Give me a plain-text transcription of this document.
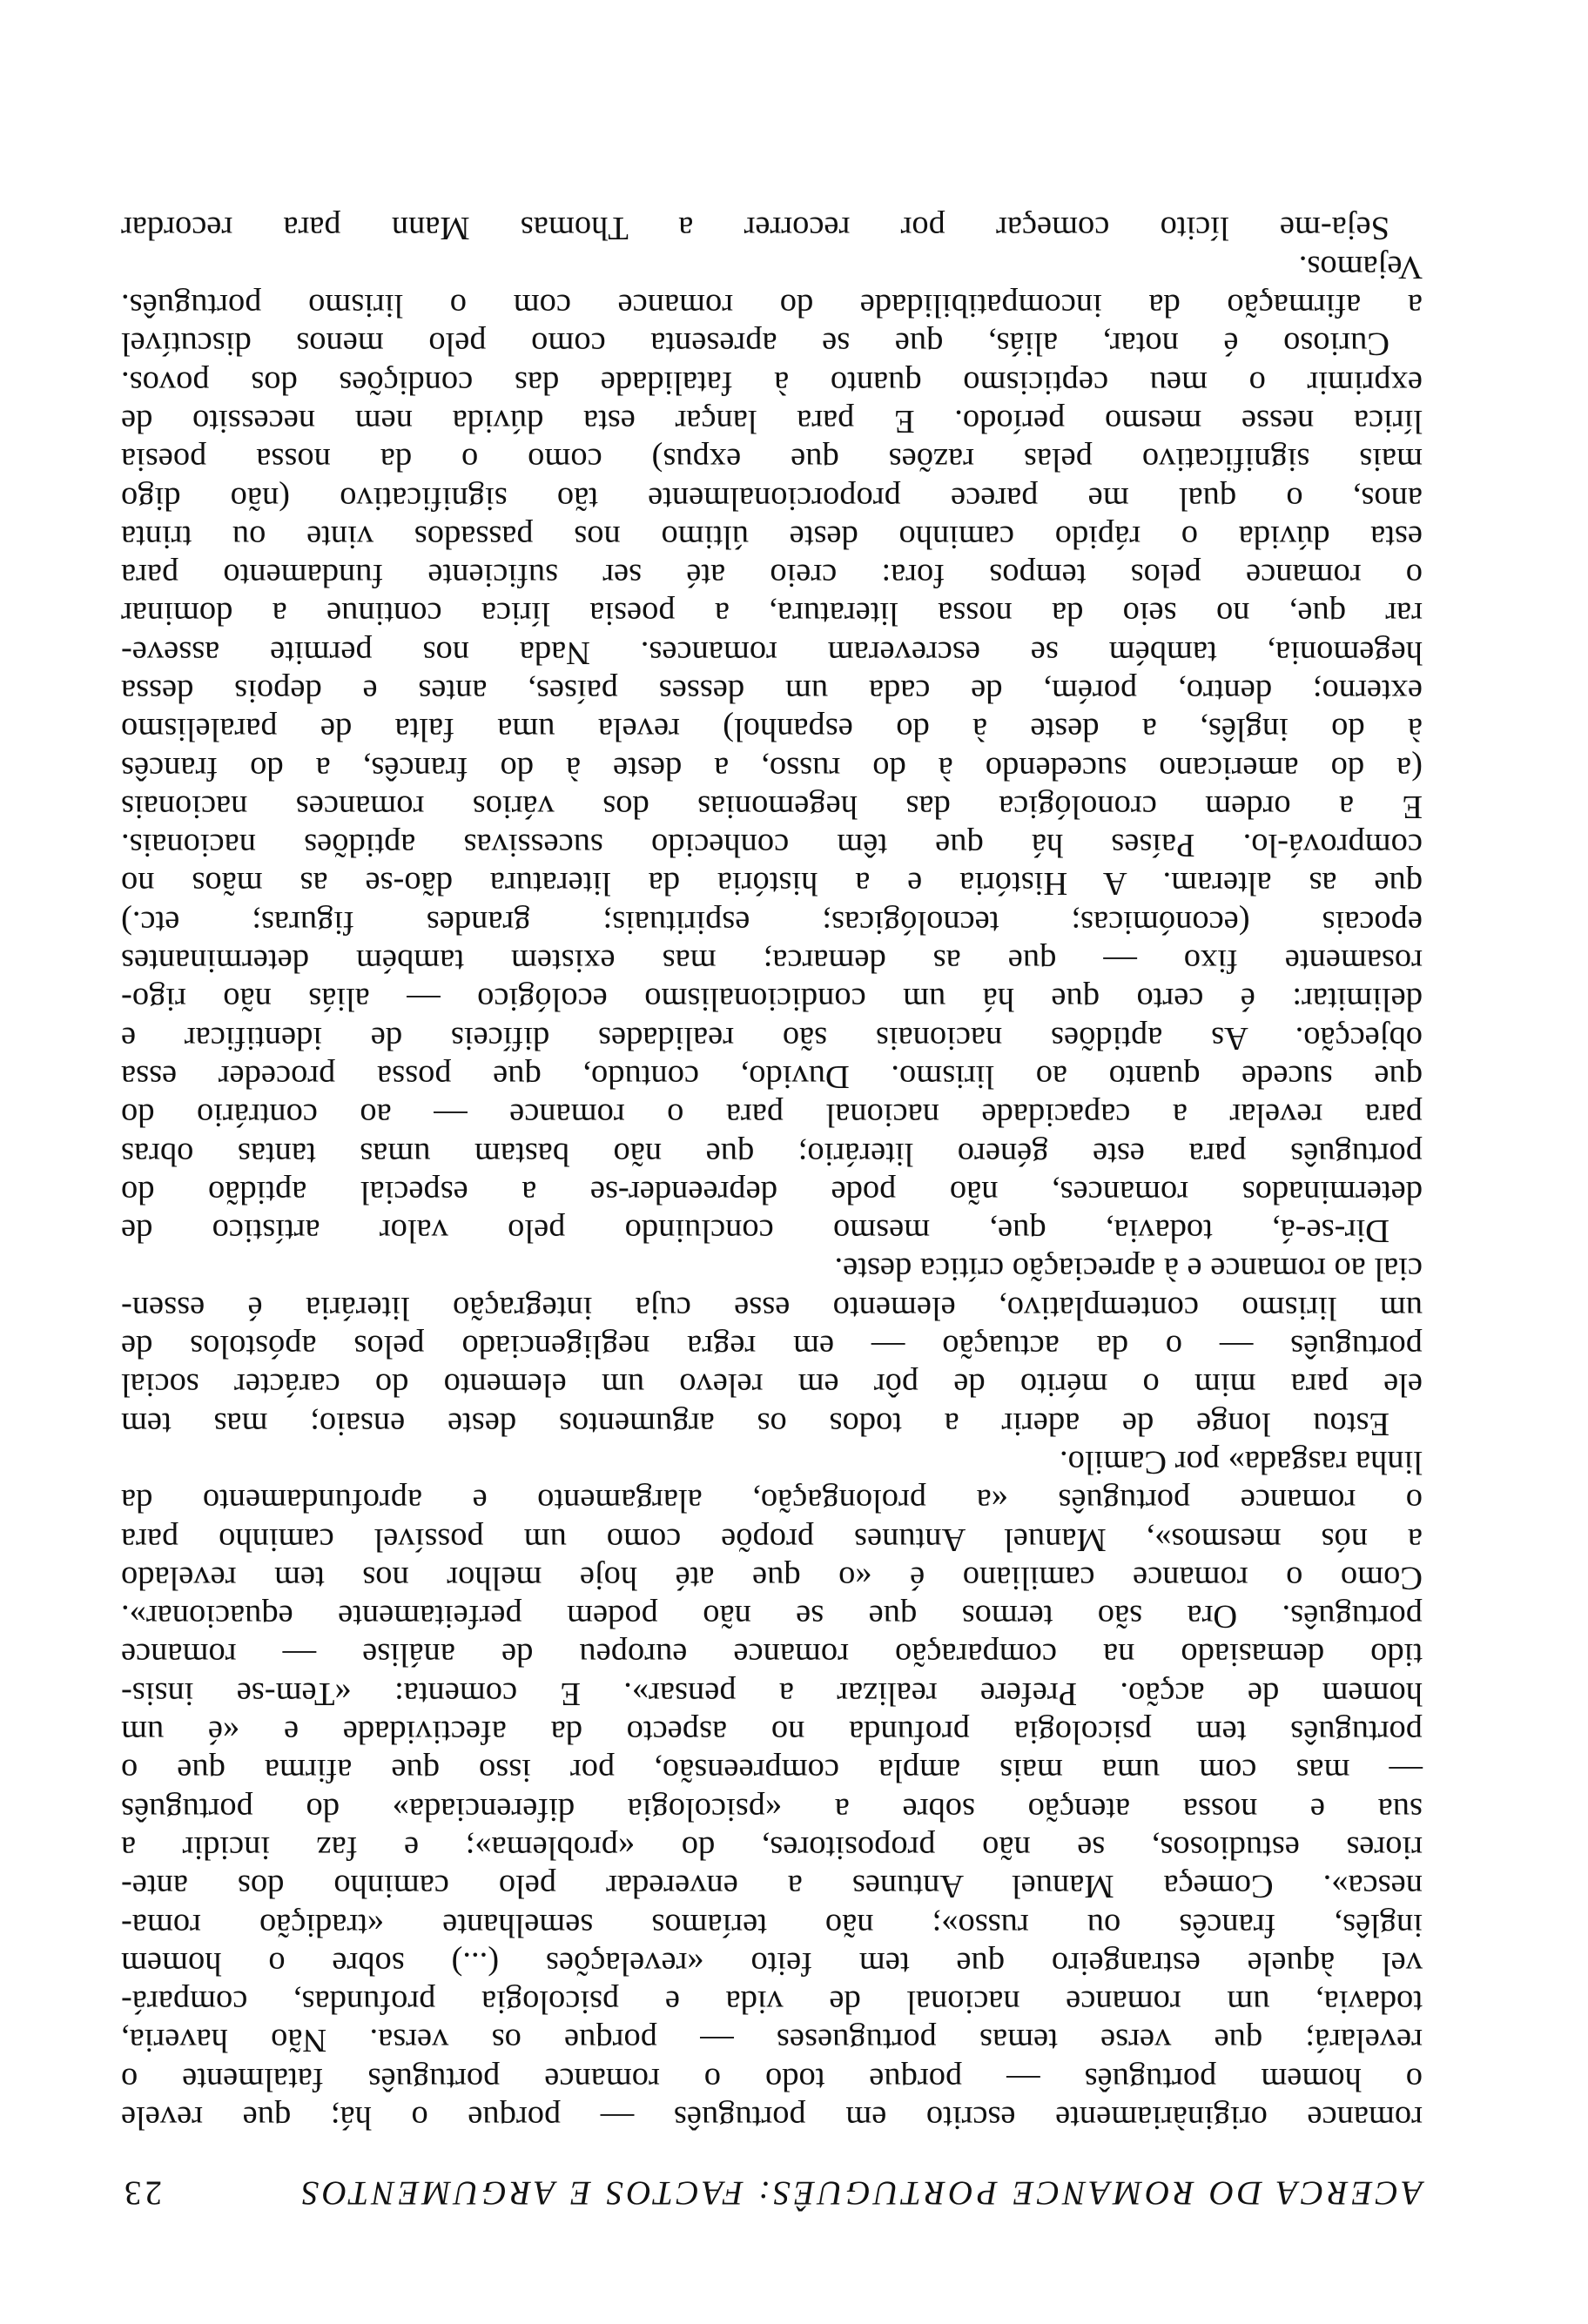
ACERCA DO ROMANCE PORTUGUÊS: FACTOS E ARGUMENTOS
23
romance originàriamente escrito em português — porque o há; que revele
o homem português — porque todo o romance português fatalmente o
revelará; que verse temas portugueses — porque os versa. Não haveria,
todavia, um romance nacional de vida e psicologia profundas, compará-
vel àquele estrangeiro que tem feito «revelações (...) sobre o homem
inglês, francês ou russo»; não teríamos semelhante «tradição roma-
nesca». Começa Manuel Antunes a enveredar pelo caminho dos ante-
riores estudiosos, se não propositores, do «problema»; e faz incidir a
sua e nossa atenção sobre a «psicologia diferenciada» do português
— mas com uma mais ampla compreensão, por isso que afirma que o
português tem psicologia profunda no aspecto da afectividade e «é um
homem de acção. Prefere realizar a pensar». E comenta: «Tem-se insis-
tido demasiado na comparação romance europeu de análise — romance
português. Ora são termos que se não podem perfeitamente equacionar».
Como o romance camiliano é «o que até hoje melhor nos tem revelado
a nós mesmos», Manuel Antunes propõe como um possível caminho para
o romance português «a prolongação, alargamento e aprofundamento da
linha rasgada» por Camilo.
Estou longe de aderir a todos os argumentos deste ensaio; mas tem
ele para mim o mérito de pôr em relevo um elemento do carácter social
português — o da actuação — em regra negligenciado pelos apóstolos de
um lirismo contemplativo, elemento esse cuja integração literária é essen-
cial ao romance e à apreciação crítica deste.
Dir-se-á, todavia, que, mesmo concluindo pelo valor artístico de
determinados romances, não pode depreender-se a especial aptidão do
português para este género literário; que não bastam umas tantas obras
para revelar a capacidade nacional para o romance — ao contrário do
que sucede quanto ao lirismo. Duvido, contudo, que possa proceder essa
objecção. As aptidões nacionais são realidades difíceis de identificar e
delimitar: é certo que há um condicionalismo ecológico — aliás não rigo-
rosamente fixo — que as demarca; mas existem também determinantes
epocais (económicas; tecnológicas; espirituais; grandes figuras; etc.)
que as alteram. A História e a história da literatura dão-se as mãos no
comprová-lo. Países há que têm conhecido sucessivas aptidões nacionais.
E a ordem cronológica das hegemonias dos vários romances nacionais
(a do americano sucedendo à do russo, a deste à do francês, a do francês
à do inglês, a deste à do espanhol) revela uma falta de paralelismo
externo; dentro, porém, de cada um desses países, antes e depois dessa
hegemonia, também se escreveram romances. Nada nos permite asseve-
rar que, no seio da nossa literatura, a poesia lírica continue a dominar
o romance pelos tempos fora: creio até ser suficiente fundamento para
esta dúvida o rápido caminho deste último nos passados vinte ou trinta
anos, o qual me parece proporcionalmente tão significativo (não digo
mais significativo pelas razões que expus) como o da nossa poesia
lírica nesse mesmo período. E para lançar esta dúvida nem necessito de
exprimir o meu cepticismo quanto à fatalidade das condições dos povos.
Curioso é notar, aliás, que se apresenta como pelo menos discutível
a afirmação da incompatibilidade do romance com o lirismo português.
Vejamos.
Seja-me lícito começar por recorrer a Thomas Mann para recordar
